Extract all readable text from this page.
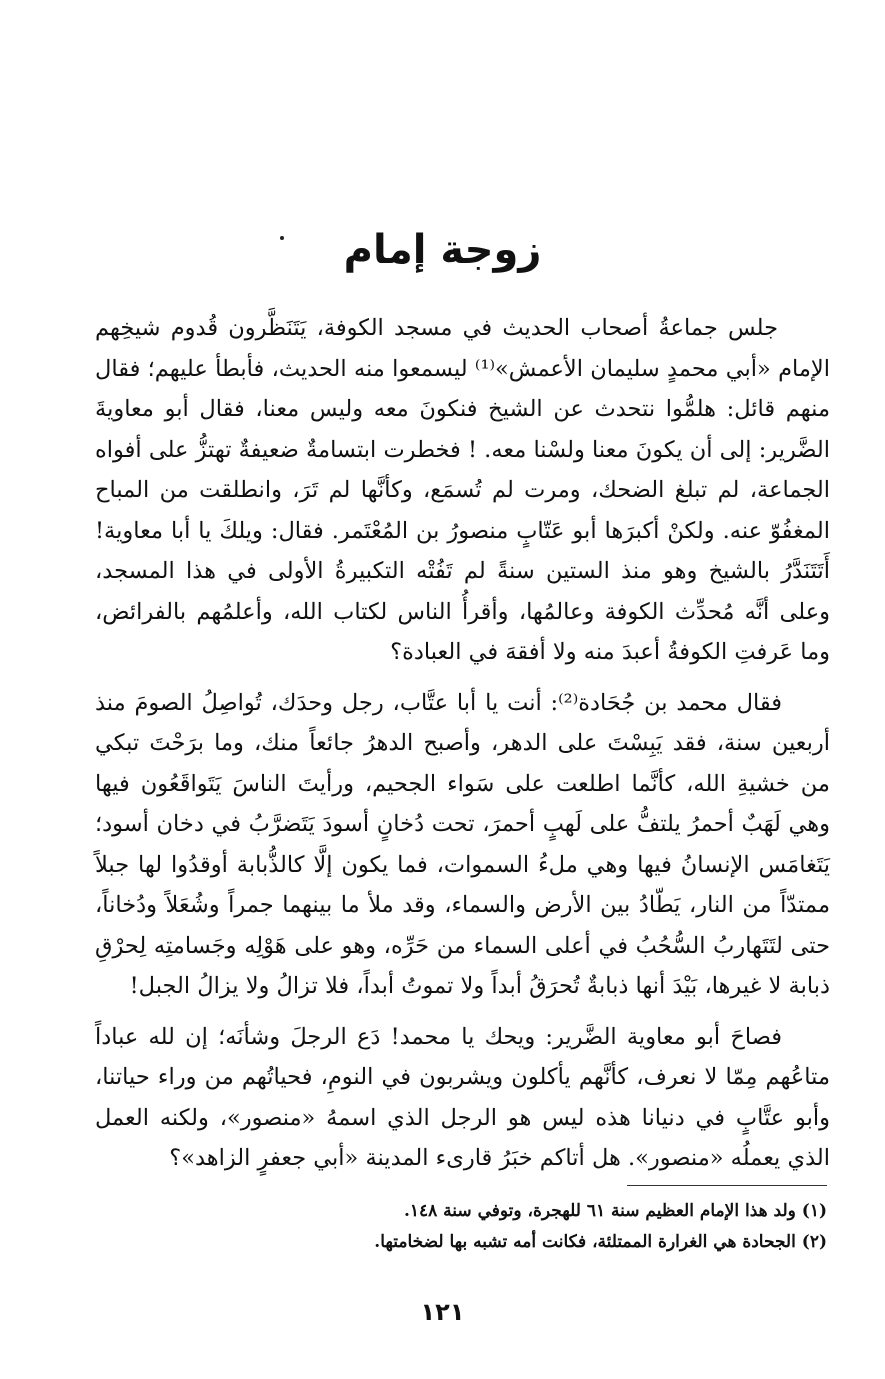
زوجة إمام

جلس جماعةُ أصحاب الحديث في مسجد الكوفة، يَتَنَظَّرون قُدوم شيخِهم الإمام «أبي محمدٍ سليمان الأعمش»⁽¹⁾ ليسمعوا منه الحديث، فأبطأ عليهم؛ فقال منهم قائل: هلمُّوا نتحدث عن الشيخ فنكونَ معه وليس معنا، فقال أبو معاويةَ الضَّرير: إلى أن يكونَ معنا ولسْنا معه. ! فخطرت ابتسامةٌ ضعيفةٌ تهتزُّ على أفواه الجماعة، لم تبلغ الضحك، ومرت لم تُسمَع، وكأنَّها لم تَرَ، وانطلقت من المباح المغفُوّ عنه. ولكنْ أكبرَها أبو عَتّابٍ منصورُ بن المُعْتَمر. فقال: ويلكَ يا أبا معاوية! أَتَتَنَدَّرُ بالشيخ وهو منذ الستين سنةً لم تَفُتْه التكبيرةُ الأولى في هذا المسجد، وعلى أنَّه مُحدِّث الكوفة وعالمُها، وأقرأُ الناس لكتاب الله، وأعلمُهم بالفرائض، وما عَرفتِ الكوفةُ أعبدَ منه ولا أفقهَ في العبادة؟

فقال محمد بن جُحَادة⁽²⁾: أنت يا أبا عتَّاب، رجل وحدَك، تُواصِلُ الصومَ منذ أربعين سنة، فقد يَبِسْتَ على الدهر، وأصبح الدهرُ جائعاً منك، وما برَحْتَ تبكي من خشيةِ الله، كأنَّما اطلعت على سَواء الجحيم، ورأيتَ الناسَ يَتَواقَعُون فيها وهي لَهَبٌ أحمرُ يلتفُّ على لَهبٍ أحمرَ، تحت دُخانٍ أسودَ يَتَضرَّبُ في دخان أسود؛ يَتَغامَس الإنسانُ فيها وهي ملءُ السموات، فما يكون إلَّا كالذُّبابة أوقدُوا لها جبلاً ممتدّاً من النار، يَطّادُ بين الأرض والسماء، وقد ملأ ما بينهما جمراً وشُعَلاً ودُخاناً، حتى لتَتَهاربُ السُّحُبُ في أعلى السماء من حَرِّه، وهو على هَوْلِه وجَسامتِه لِحرْقِ ذبابة لا غيرها، بَيْدَ أنها ذبابةٌ تُحرَقُ أبداً ولا تموتُ أبداً، فلا تزالُ ولا يزالُ الجبل!

فصاحَ أبو معاوية الضَّرير: ويحك يا محمد! دَع الرجلَ وشأنَه؛ إن لله عباداً متاعُهم مِمّا لا نعرف، كأنَّهم يأكلون ويشربون في النومِ، فحياتُهم من وراء حياتنا، وأبو عتَّابٍ في دنيانا هذه ليس هو الرجل الذي اسمهُ «منصور»، ولكنه العمل الذي يعملُه «منصور». هل أتاكم خبَرُ قارىء المدينة «أبي جعفرٍ الزاهد»؟

(١) ولد هذا الإمام العظيم سنة ٦١ للهجرة، وتوفي سنة ١٤٨.
(٢) الجحادة هي الغرارة الممتلئة، فكانت أمه تشبه بها لضخامتها.
١٢١
